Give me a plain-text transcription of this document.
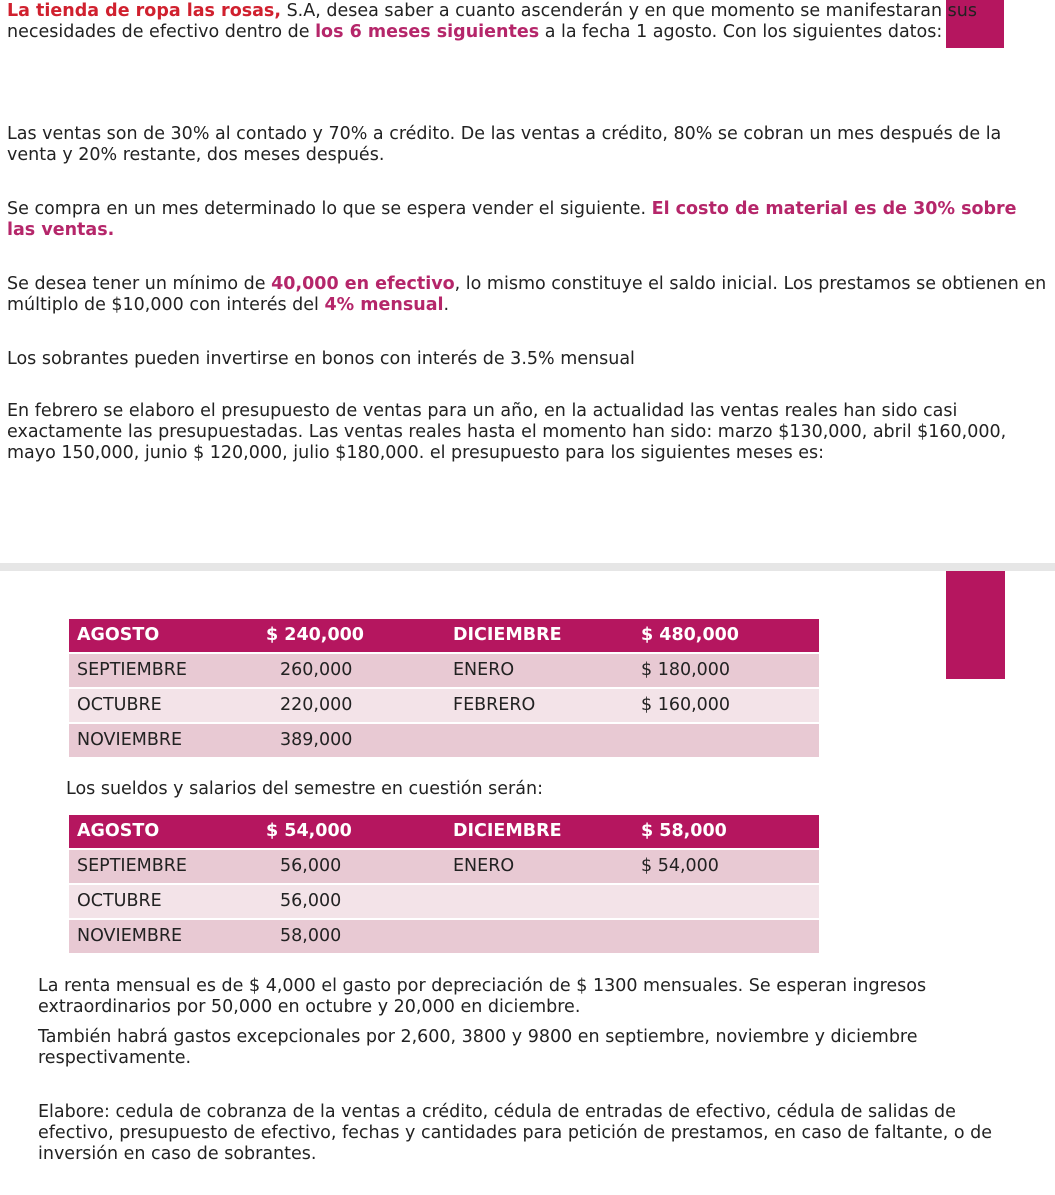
La tienda de ropa las rosas, S.A, desea saber a cuanto ascenderán y en que momento se manifestaran sus necesidades de efectivo dentro de los 6 meses siguientes a la fecha 1 agosto. Con los siguientes datos:

Las ventas son de 30% al contado y 70% a crédito. De las ventas a crédito, 80% se cobran un mes después de la venta y 20% restante, dos meses después.

Se compra en un mes determinado lo que se espera vender el siguiente. El costo de material es de 30% sobre las ventas.

Se desea tener un mínimo de 40,000 en efectivo, lo mismo constituye el saldo inicial. Los prestamos se obtienen en múltiplo de $10,000 con interés del 4% mensual.

Los sobrantes pueden invertirse en bonos con interés de 3.5% mensual

En febrero se elaboro el presupuesto de ventas para un año, en la actualidad las ventas reales han sido casi exactamente las presupuestadas. Las ventas reales hasta el momento han sido: marzo $130,000, abril $160,000, mayo 150,000, junio $ 120,000, julio $180,000. el presupuesto para los siguientes meses es:

AGOSTO	$ 240,000	DICIEMBRE	$ 480,000
SEPTIEMBRE	260,000	ENERO	$ 180,000
OCTUBRE	220,000	FEBRERO	$ 160,000
NOVIEMBRE	389,000		

Los sueldos y salarios del semestre en cuestión serán:

AGOSTO	$ 54,000	DICIEMBRE	$ 58,000
SEPTIEMBRE	56,000	ENERO	$ 54,000
OCTUBRE	56,000		
NOVIEMBRE	58,000		

La renta mensual es de $ 4,000 el gasto por depreciación de $ 1300 mensuales. Se esperan ingresos extraordinarios por 50,000 en octubre y 20,000 en diciembre.

También habrá gastos excepcionales por 2,600, 3800 y 9800 en septiembre, noviembre y diciembre respectivamente.

Elabore: cedula de cobranza de la ventas a crédito, cédula de entradas de efectivo, cédula de salidas de efectivo, presupuesto de efectivo, fechas y cantidades para petición de prestamos, en caso de faltante, o de inversión en caso de sobrantes.
